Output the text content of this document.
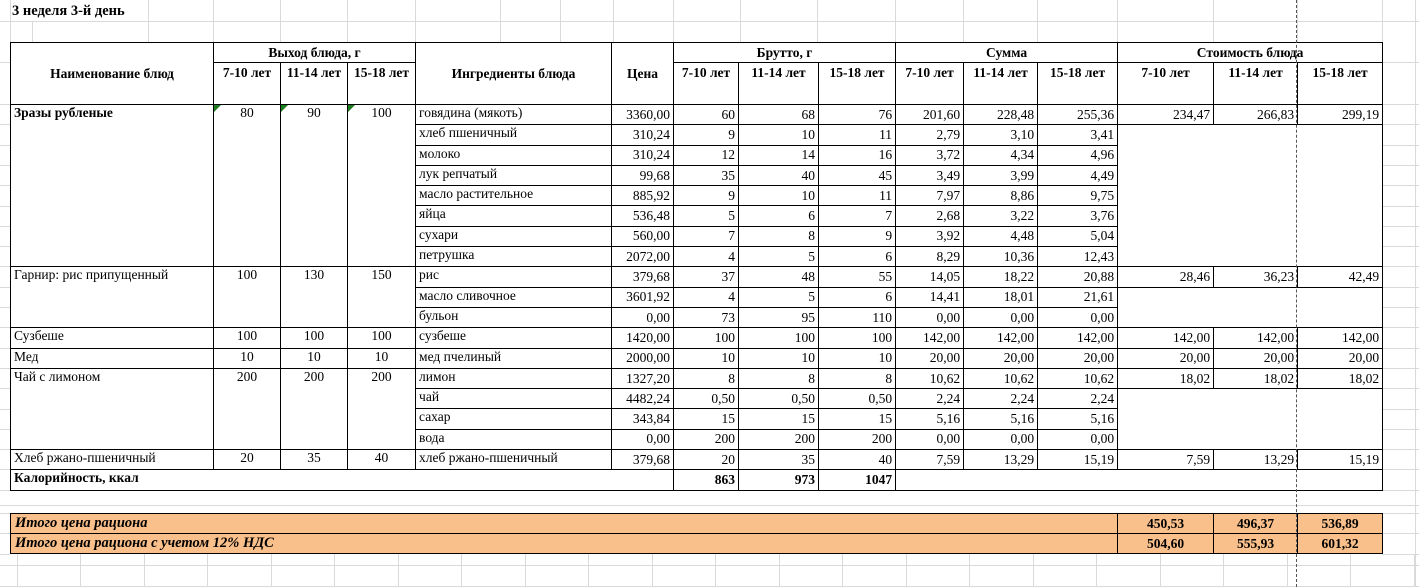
3 неделя 3-й день
Наименование блюд	Выход блюда, г			Ингредиенты блюда	Цена	Брутто, г			Сумма			Стоимость блюда		
	7-10 лет	11-14 лет	15-18 лет			7-10 лет	11-14 лет	15-18 лет	7-10 лет	11-14 лет	15-18 лет	7-10 лет	11-14 лет	15-18 лет
Зразы рубленые	80	90	100	говядина (мякоть)	3360,00	60	68	76	201,60	228,48	255,36	234,47	266,83	299,19
				хлеб пшеничный	310,24	9	10	11	2,79	3,10	3,41			
				молоко	310,24	12	14	16	3,72	4,34	4,96			
				лук репчатый	99,68	35	40	45	3,49	3,99	4,49			
				масло растительное	885,92	9	10	11	7,97	8,86	9,75			
				яйца	536,48	5	6	7	2,68	3,22	3,76			
				сухари	560,00	7	8	9	3,92	4,48	5,04			
				петрушка	2072,00	4	5	6	8,29	10,36	12,43			
Гарнир: рис припущенный	100	130	150	рис	379,68	37	48	55	14,05	18,22	20,88	28,46	36,23	42,49
				масло сливочное	3601,92	4	5	6	14,41	18,01	21,61			
				бульон	0,00	73	95	110	0,00	0,00	0,00			
Сузбеше	100	100	100	сузбеше	1420,00	100	100	100	142,00	142,00	142,00	142,00	142,00	142,00
Мед	10	10	10	мед пчелиный	2000,00	10	10	10	20,00	20,00	20,00	20,00	20,00	20,00
Чай с лимоном	200	200	200	лимон	1327,20	8	8	8	10,62	10,62	10,62	18,02	18,02	18,02
				чай	4482,24	0,50	0,50	0,50	2,24	2,24	2,24			
				сахар	343,84	15	15	15	5,16	5,16	5,16			
				вода	0,00	200	200	200	0,00	0,00	0,00			
Хлеб ржано-пшеничный	20	35	40	хлеб ржано-пшеничный	379,68	20	35	40	7,59	13,29	15,19	7,59	13,29	15,19
Калорийность, ккал						863	973	1047						
Итого цена рациона	450,53	496,37	536,89
Итого цена рациона с учетом 12% НДС	504,60	555,93	601,32
